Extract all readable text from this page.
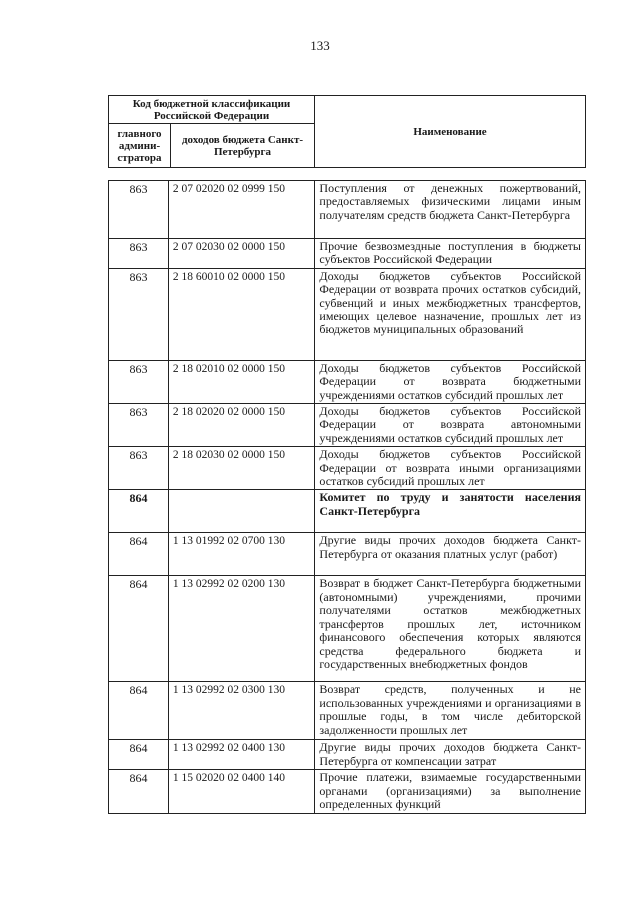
133
Код бюджетной классификации Российской Федерации		Наименование
главного админи-стратора	доходов бюджета Санкт-Петербурга	
863	2 07 02020 02 0999 150	Поступления от денежных пожертвований, предоставляемых физическими лицами иным получателям средств бюджета Санкт-Петербурга
863	2 07 02030 02 0000 150	Прочие безвозмездные поступления в бюджеты субъектов Российской Федерации
863	2 18 60010 02 0000 150	Доходы бюджетов субъектов Российской Федерации от возврата прочих остатков субсидий, субвенций и иных межбюджетных трансфертов, имеющих целевое назначение, прошлых лет из бюджетов муниципальных образований
863	2 18 02010 02 0000 150	Доходы бюджетов субъектов Российской Федерации от возврата бюджетными учреждениями остатков субсидий прошлых лет
863	2 18 02020 02 0000 150	Доходы бюджетов субъектов Российской Федерации от возврата автономными учреждениями остатков субсидий прошлых лет
863	2 18 02030 02 0000 150	Доходы бюджетов субъектов Российской Федерации от возврата иными организациями остатков субсидий прошлых лет
864		Комитет по труду и занятости населения Санкт-Петербурга
864	1 13 01992 02 0700 130	Другие виды прочих доходов бюджета Санкт-Петербурга от оказания платных услуг (работ)
864	1 13 02992 02 0200 130	Возврат в бюджет Санкт-Петербурга бюджетными (автономными) учреждениями, прочими получателями остатков межбюджетных трансфертов прошлых лет, источником финансового обеспечения которых являются средства федерального бюджета и государственных внебюджетных фондов
864	1 13 02992 02 0300 130	Возврат средств, полученных и не использованных учреждениями и организациями в прошлые годы, в том числе дебиторской задолженности прошлых лет
864	1 13 02992 02 0400 130	Другие виды прочих доходов бюджета Санкт-Петербурга от компенсации затрат
864	1 15 02020 02 0400 140	Прочие платежи, взимаемые государственными органами (организациями) за выполнение определенных функций
